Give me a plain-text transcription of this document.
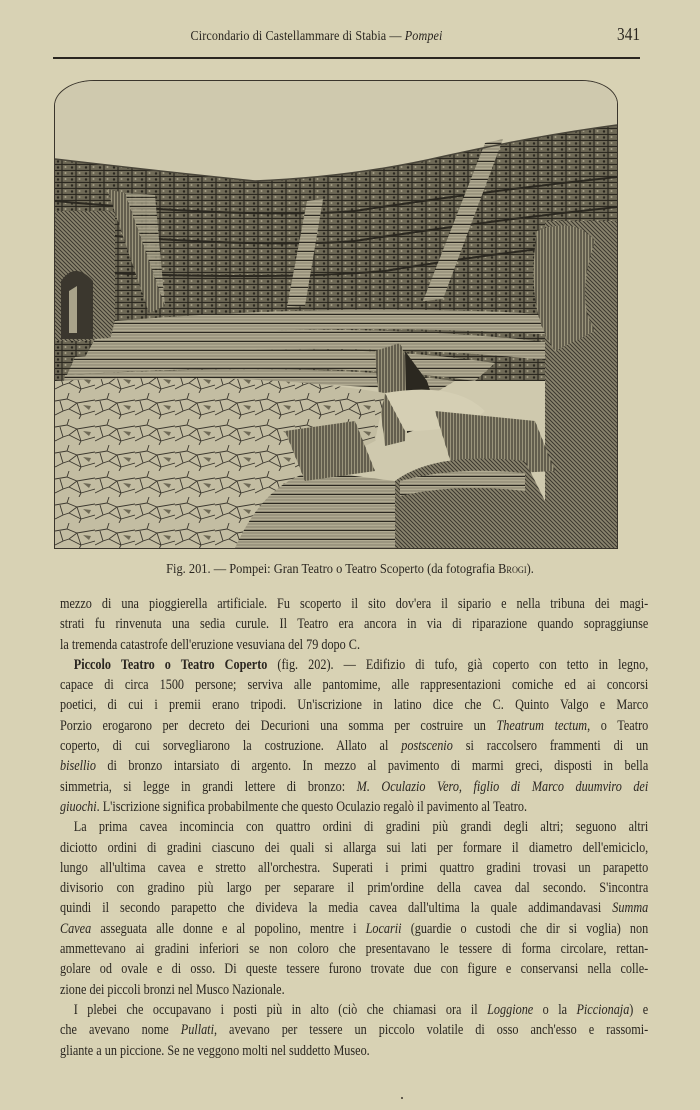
Circondario di Castellammare di Stabia — Pompei	341
Fig. 201. — Pompei: Gran Teatro o Teatro Scoperto (da fotografia Brogi).
mezzo di una pioggierella artificiale. Fu scoperto il sito dov'era il sipario e nella tribuna dei magi-
strati fu rinvenuta una sedia curule. Il Teatro era ancora in via di riparazione quando sopraggiunse
la tremenda catastrofe dell'eruzione vesuviana del 79 dopo C.
Piccolo Teatro o Teatro Coperto (fig. 202). — Edifizio di tufo, già coperto con tetto in legno,
capace di circa 1500 persone; serviva alle pantomime, alle rappresentazioni comiche ed ai concorsi
poetici, di cui i premii erano tripodi. Un'iscrizione in latino dice che C. Quinto Valgo e Marco
Porzio erogarono per decreto dei Decurioni una somma per costruire un Theatrum tectum, o Teatro
coperto, di cui sorvegliarono la costruzione. Allato al postscenio si raccolsero frammenti di un
bisellio di bronzo intarsiato di argento. In mezzo al pavimento di marmi greci, disposti in bella
simmetria, si legge in grandi lettere di bronzo: M. Oculazio Vero, figlio di Marco duumviro dei
giuochi. L'iscrizione significa probabilmente che questo Oculazio regalò il pavimento al Teatro.
La prima cavea incomincia con quattro ordini di gradini più grandi degli altri; seguono altri
diciotto ordini di gradini ciascuno dei quali si allarga sui lati per formare il diametro dell'emiciclo,
lungo all'ultima cavea e stretto all'orchestra. Superati i primi quattro gradini trovasi un parapetto
divisorio con gradino più largo per separare il prim'ordine della cavea dal secondo. S'incontra
quindi il secondo parapetto che divideva la media cavea dall'ultima la quale addimandavasi Summa
Cavea asseguata alle donne e al popolino, mentre i Locarii (guardie o custodi che dir si voglia) non
ammettevano ai gradini inferiori se non coloro che presentavano le tessere di forma circolare, rettan-
golare od ovale e di osso. Di queste tessere furono trovate due con figure e conservansi nella colle-
zione dei piccoli bronzi nel Musco Nazionale.
I plebei che occupavano i posti più in alto (ciò che chiamasi ora il Loggione o la Piccionaja) e
che avevano nome Pullati, avevano per tessere un piccolo volatile di osso anch'esso e rassomi-
gliante a un piccione. Se ne veggono molti nel suddetto Museo.
